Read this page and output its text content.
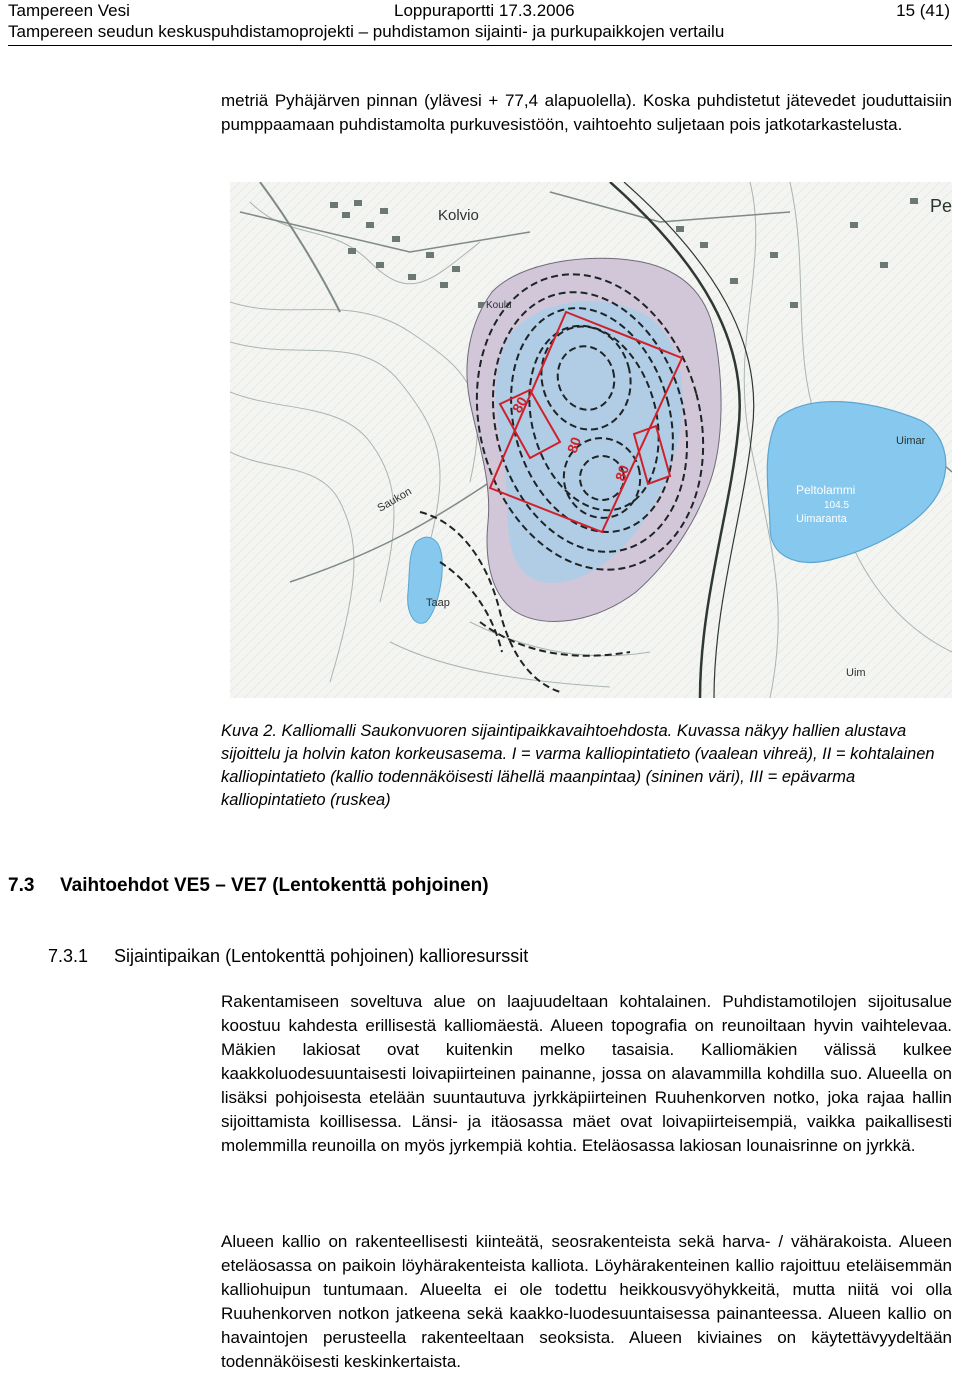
Tampereen Vesi	Loppuraportti 17.3.2006	15 (41)
Tampereen seudun keskuspuhdistamoprojekti – puhdistamon sijainti- ja purkupaikkojen vertailu

metriä Pyhäjärven pinnan (ylävesi + 77,4 alapuolella). Koska puhdistetut jätevedet jouduttaisiin pumppaamaan puhdistamolta purkuvesistöön, vaihtoehto suljetaan pois jatkotarkastelusta.

80
80
80
Kolvio	Pe
Peltolammi
104.5
Uimaranta
Uimar
Uim
Taap
Saukon
Koulu
Kuva 2. Kalliomalli Saukonvuoren sijaintipaikkavaihtoehdosta. Kuvassa näkyy hallien alustava sijoittelu ja holvin katon korkeusasema. I = varma kalliopintatieto (vaalean vihreä), II = kohtalainen kalliopintatieto (kallio todennäköisesti lähellä maanpintaa) (sininen väri), III = epävarma kalliopintatieto (ruskea)
7.3 Vaihtoehdot VE5 – VE7 (Lentokenttä pohjoinen)
7.3.1 Sijaintipaikan (Lentokenttä pohjoinen) kallioresurssit

Rakentamiseen soveltuva alue on laajuudeltaan kohtalainen. Puhdistamotilojen sijoitusalue koostuu kahdesta erillisestä kalliomäestä. Alueen topografia on reunoiltaan hyvin vaihtelevaa. Mäkien lakiosat ovat kuitenkin melko tasaisia. Kalliomäkien välissä kulkee kaakkoluodesuuntaisesti loivapiirteinen painanne, jossa on alavammilla kohdilla suo. Alueella on lisäksi pohjoisesta etelään suuntautuva jyrkkäpiirteinen Ruuhenkorven notko, joka rajaa hallin sijoittamista koillisessa. Länsi- ja itäosassa mäet ovat loivapiirteisempiä, vaikka paikallisesti molemmilla reunoilla on myös jyrkempiä kohtia. Eteläosassa lakiosan lounaisrinne on jyrkkä.

Alueen kallio on rakenteellisesti kiinteätä, seosrakenteista sekä harva- / vähärakoista. Alueen eteläosassa on paikoin löyhärakenteista kalliota. Löyhärakenteinen kallio rajoittuu eteläisemmän kalliohuipun tuntumaan. Alueelta ei ole todettu heikkousvyöhykkeitä, mutta niitä voi olla Ruuhenkorven notkon jatkeena sekä kaakko-luodesuuntaisessa painanteessa. Alueen kallio on havaintojen perusteella rakenteeltaan seoksista. Alueen kiviaines on käytettävyydeltään todennäköisesti keskinkertaista.
